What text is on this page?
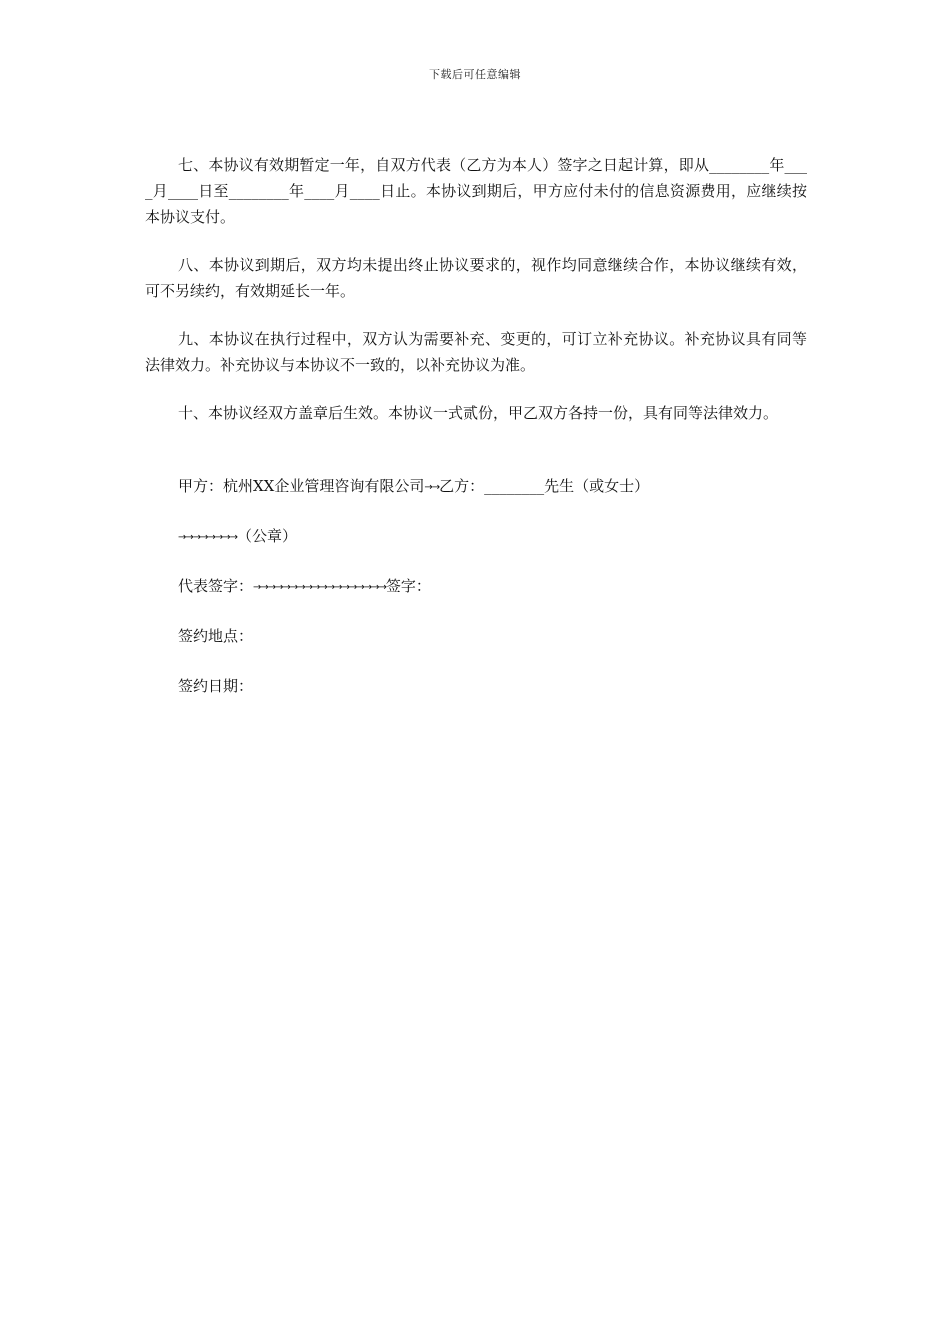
下载后可任意编辑

七、本协议有效期暂定一年，自双方代表（乙方为本人）签字之日起计算，即从________年____月____日至________年____月____日止。本协议到期后，甲方应付未付的信息资源费用，应继续按本协议支付。

八、本协议到期后，双方均未提出终止协议要求的，视作均同意继续合作，本协议继续有效，可不另续约，有效期延长一年。

九、本协议在执行过程中，双方认为需要补充、变更的，可订立补充协议。补充协议具有同等法律效力。补充协议与本协议不一致的，以补充协议为准。

十、本协议经双方盖章后生效。本协议一式贰份，甲乙双方各持一份，具有同等法律效力。

甲方：杭州XX企业管理咨询有限公司→→乙方：________先生（或女士）
→→→→→→→→（公章）
代表签字：→→→→→→→→→→→→→→→→→→签字：
签约地点：
签约日期：
